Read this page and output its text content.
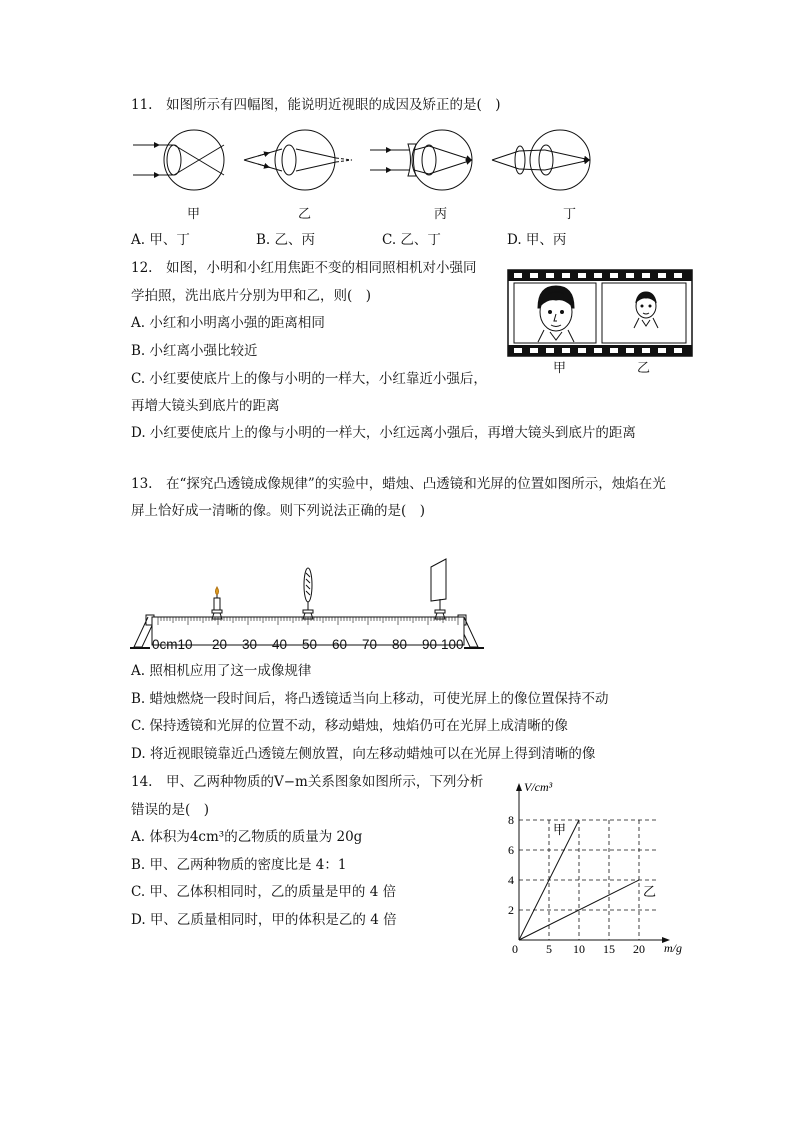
11.　如图所示有四幅图，能说明近视眼的成因及矫正的是(　)
甲	乙	丙	丁
A. 甲、丁	B. 乙、丙	C. 乙、丁	D. 甲、丙
12.　如图，小明和小红用焦距不变的相同照相机对小强同
学拍照，洗出底片分别为甲和乙，则(　)
A. 小红和小明离小强的距离相同
B. 小红离小强比较近
C. 小红要使底片上的像与小明的一样大，小红靠近小强后，
再增大镜头到底片的距离
D. 小红要使底片上的像与小明的一样大，小红远离小强后，再增大镜头到底片的距离
甲	乙
13.　在“探究凸透镜成像规律”的实验中，蜡烛、凸透镜和光屏的位置如图所示，烛焰在光
屏上恰好成一清晰的像。则下列说法正确的是(　)
0cm10 20 30 40 50 60 70 80 90 100
A. 照相机应用了这一成像规律
B. 蜡烛燃烧一段时间后，将凸透镜适当向上移动，可使光屏上的像位置保持不动
C. 保持透镜和光屏的位置不动，移动蜡烛，烛焰仍可在光屏上成清晰的像
D. 将近视眼镜靠近凸透镜左侧放置，向左移动蜡烛可以在光屏上得到清晰的像
14.　甲、乙两种物质的V−m关系图象如图所示，下列分析
错误的是(　)
A. 体积为4cm³的乙物质的质量为 20g
B. 甲、乙两种物质的密度比是 4：1
C. 甲、乙体积相同时，乙的质量是甲的 4 倍
D. 甲、乙质量相同时，甲的体积是乙的 4 倍
0 5 10 15 20
2
4
6
8
V/cm³
m/g
甲
乙
